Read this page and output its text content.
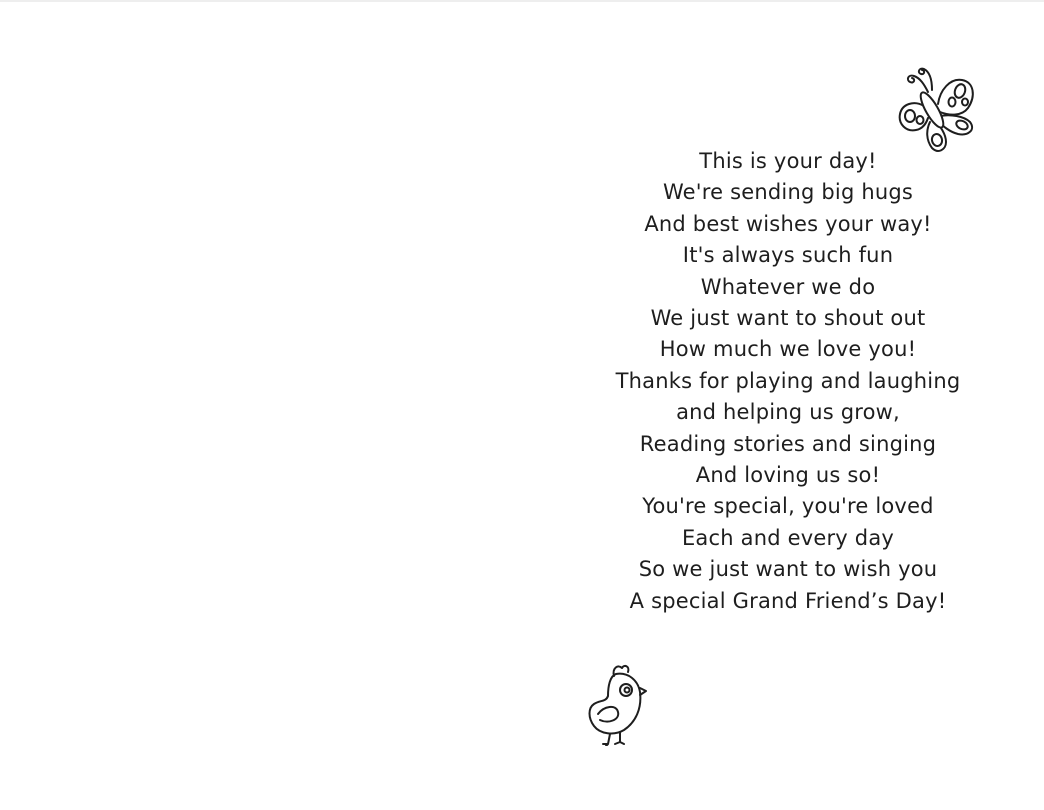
This is your day!
We're sending big hugs
And best wishes your way!
It's always such fun
Whatever we do
We just want to shout out
How much we love you!
Thanks for playing and laughing
and helping us grow,
Reading stories and singing
And loving us so!
You're special, you're loved
Each and every day
So we just want to wish you
A special Grand Friend’s Day!
